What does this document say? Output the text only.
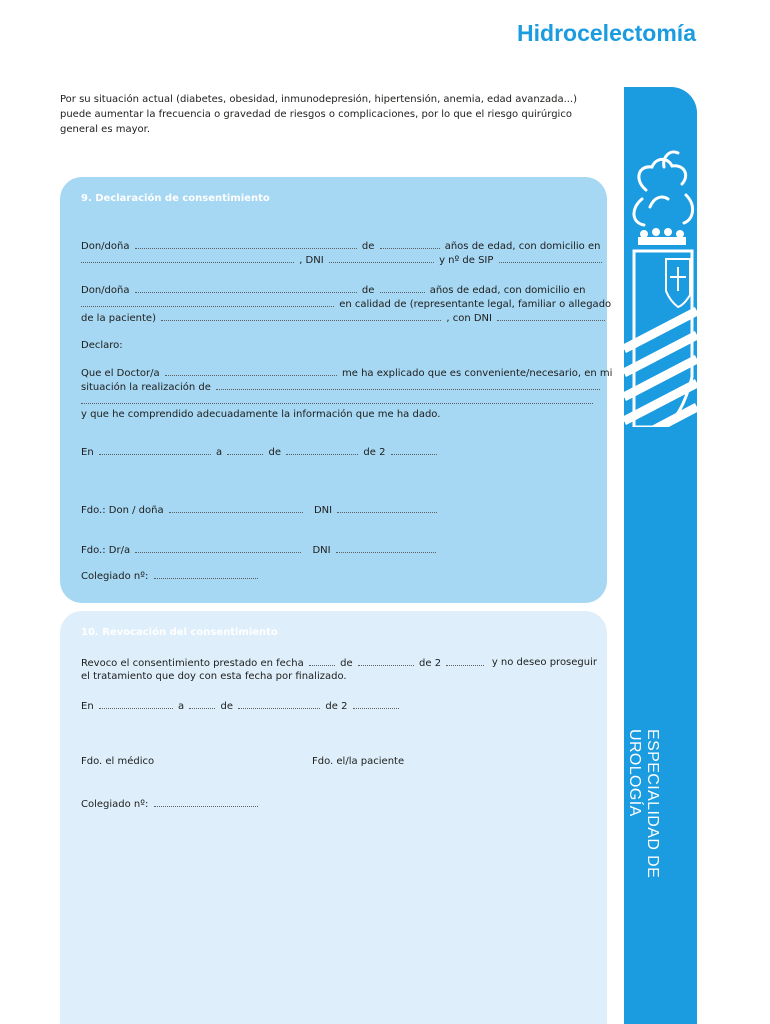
Hidrocelectomía
Por su situación actual (diabetes, obesidad, inmunodepresión, hipertensión, anemia, edad avanzada...) puede aumentar la frecuencia o gravedad de riesgos o complicaciones, por lo que el riesgo quirúrgico general es mayor.
ESPECIALIDAD DE
UROLOGÍA

9. Declaración de consentimiento

Don/doña	de	años de edad, con domicilio en
, DNI	y nº de SIP
Don/doña	de	años de edad, con domicilio en
en calidad de (representante legal, familiar o allegado
de la paciente)	, con DNI
Declaro:
Que el Doctor/a	me ha explicado que es conveniente/necesario, en mi
situación la realización de
y que he comprendido adecuadamente la información que me ha dado.
En	a	de	de 2
Fdo.: Don / doña	DNI
Fdo.: Dr/a	DNI
Colegiado nº:

10. Revocación del consentimiento

Revoco el consentimiento prestado en fecha	de	de 2	y no deseo proseguir
el tratamiento que doy con esta fecha por finalizado.
En	a	de	de 2
Fdo. el médico	Fdo. el/la paciente
Colegiado nº:
